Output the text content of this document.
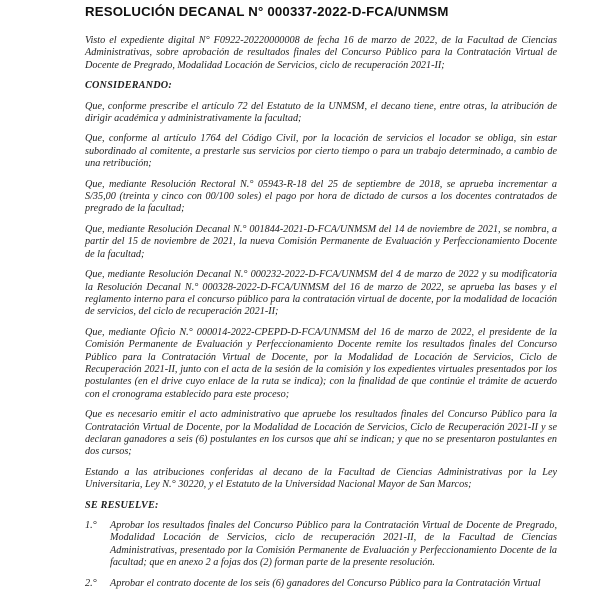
RESOLUCIÓN DECANAL N° 000337-2022-D-FCA/UNMSM
Visto el expediente digital N° F0922-20220000008 de fecha 16 de marzo de 2022, de la Facultad de Ciencias Administrativas, sobre aprobación de resultados finales del Concurso Público para la Contratación Virtual de Docente de Pregrado, Modalidad Locación de Servicios, ciclo de recuperación 2021-II;
CONSIDERANDO:
Que, conforme prescribe el artículo 72 del Estatuto de la UNMSM, el decano tiene, entre otras, la atribución de dirigir académica y administrativamente la facultad;
Que, conforme al artículo 1764 del Código Civil, por la locación de servicios el locador se obliga, sin estar subordinado al comitente, a prestarle sus servicios por cierto tiempo o para un trabajo determinado, a cambio de una retribución;
Que, mediante Resolución Rectoral N.° 05943-R-18 del 25 de septiembre de 2018, se aprueba incrementar a S/35,00 (treinta y cinco con 00/100 soles) el pago por hora de dictado de cursos a los docentes contratados de pregrado de la facultad;
Que, mediante Resolución Decanal N.° 001844-2021-D-FCA/UNMSM del 14 de noviembre de 2021, se nombra, a partir del 15 de noviembre de 2021, la nueva Comisión Permanente de Evaluación y Perfeccionamiento Docente de la facultad;
Que, mediante Resolución Decanal N.° 000232-2022-D-FCA/UNMSM del 4 de marzo de 2022 y su modificatoria la Resolución Decanal N.° 000328-2022-D-FCA/UNMSM del 16 de marzo de 2022, se aprueba las bases y el reglamento interno para el concurso público para la contratación virtual de docente, por la modalidad de locación de servicios, del ciclo de recuperación 2021-II;
Que, mediante Oficio N.° 000014-2022-CPEPD-D-FCA/UNMSM del 16 de marzo de 2022, el presidente de la Comisión Permanente de Evaluación y Perfeccionamiento Docente remite los resultados finales del Concurso Público para la Contratación Virtual de Docente, por la Modalidad de Locación de Servicios, Ciclo de Recuperación 2021-II, junto con el acta de la sesión de la comisión y los expedientes virtuales presentados por los postulantes (en el drive cuyo enlace de la ruta se indica); con la finalidad de que continúe el trámite de acuerdo con el cronograma establecido para este proceso;
Que es necesario emitir el acto administrativo que apruebe los resultados finales del Concurso Público para la Contratación Virtual de Docente, por la Modalidad de Locación de Servicios, Ciclo de Recuperación 2021-II y se declaran ganadores a seis (6) postulantes en los cursos que ahí se indican; y que no se presentaron postulantes en dos cursos;
Estando a las atribuciones conferidas al decano de la Facultad de Ciencias Administrativas por la Ley Universitaria, Ley N.° 30220, y el Estatuto de la Universidad Nacional Mayor de San Marcos;
SE RESUELVE:
1.°	Aprobar los resultados finales del Concurso Público para la Contratación Virtual de Docente de Pregrado, Modalidad Locación de Servicios, ciclo de recuperación 2021-II, de la Facultad de Ciencias Administrativas, presentado por la Comisión Permanente de Evaluación y Perfeccionamiento Docente de la facultad; que en anexo 2 a fojas dos (2) forman parte de la presente resolución.
2.°	Aprobar el contrato docente de los seis (6) ganadores del Concurso Público para la Contratación Virtual
